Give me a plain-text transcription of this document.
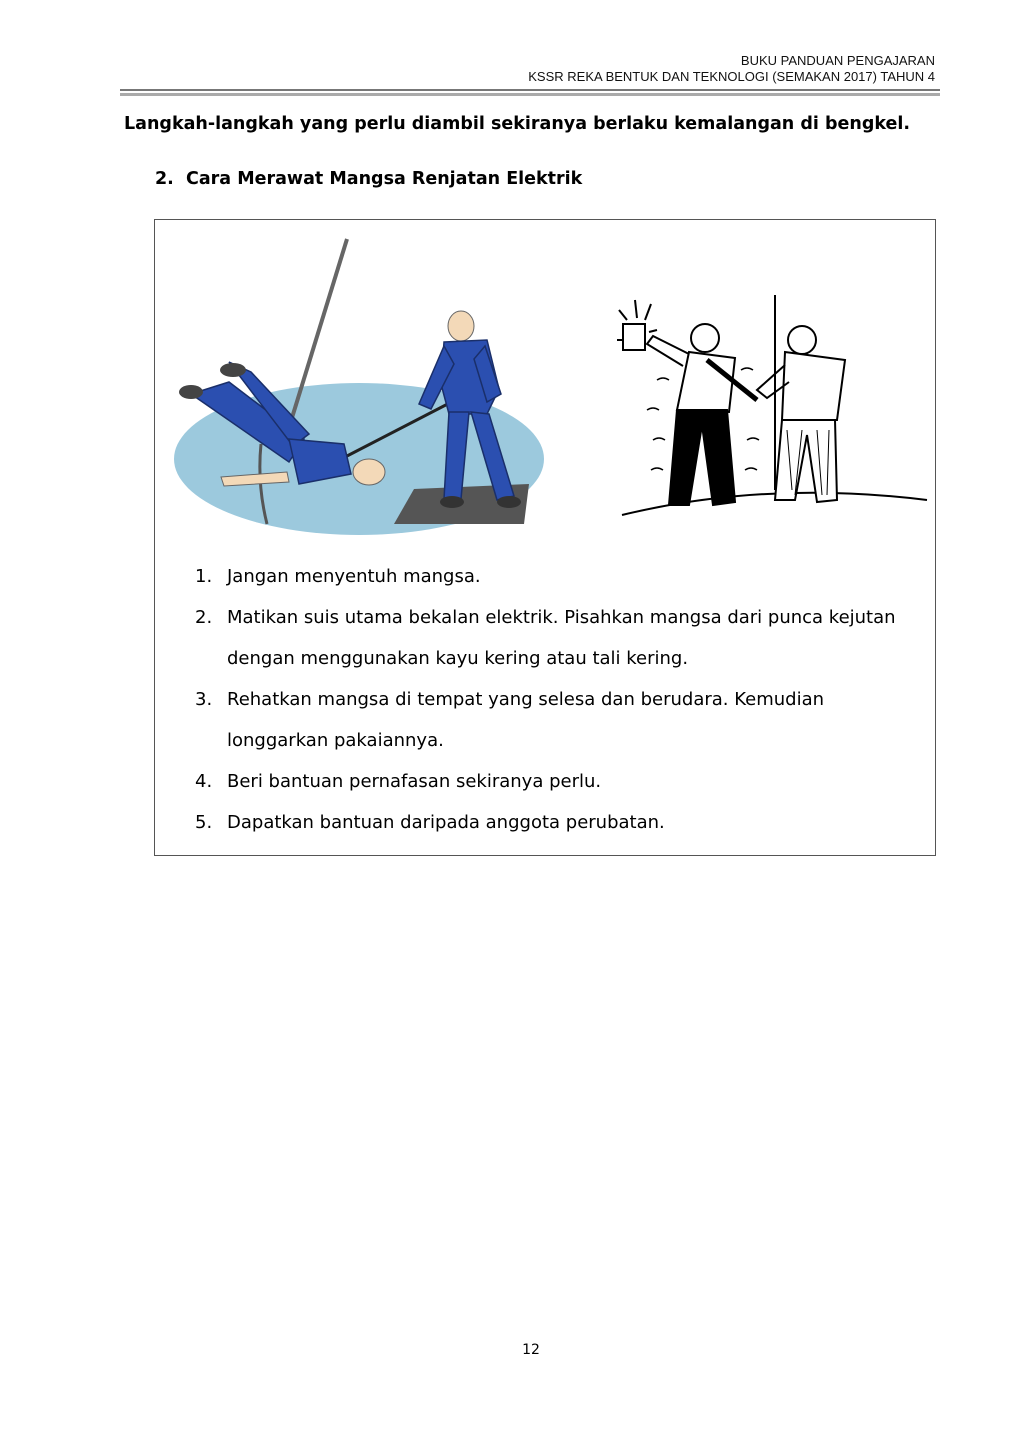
BUKU PANDUAN PENGAJARAN
KSSR REKA BENTUK DAN TEKNOLOGI (SEMAKAN 2017) TAHUN 4
Langkah-langkah yang perlu diambil sekiranya berlaku kemalangan di bengkel.
2. Cara Merawat Mangsa Renjatan Elektrik
1. Jangan menyentuh mangsa.
2. Matikan suis utama bekalan elektrik. Pisahkan mangsa dari punca kejutan dengan menggunakan kayu kering atau tali kering.
3. Rehatkan mangsa di tempat yang selesa dan berudara. Kemudian longgarkan pakaiannya.
4. Beri bantuan pernafasan sekiranya perlu.
5. Dapatkan bantuan daripada anggota perubatan.
12
